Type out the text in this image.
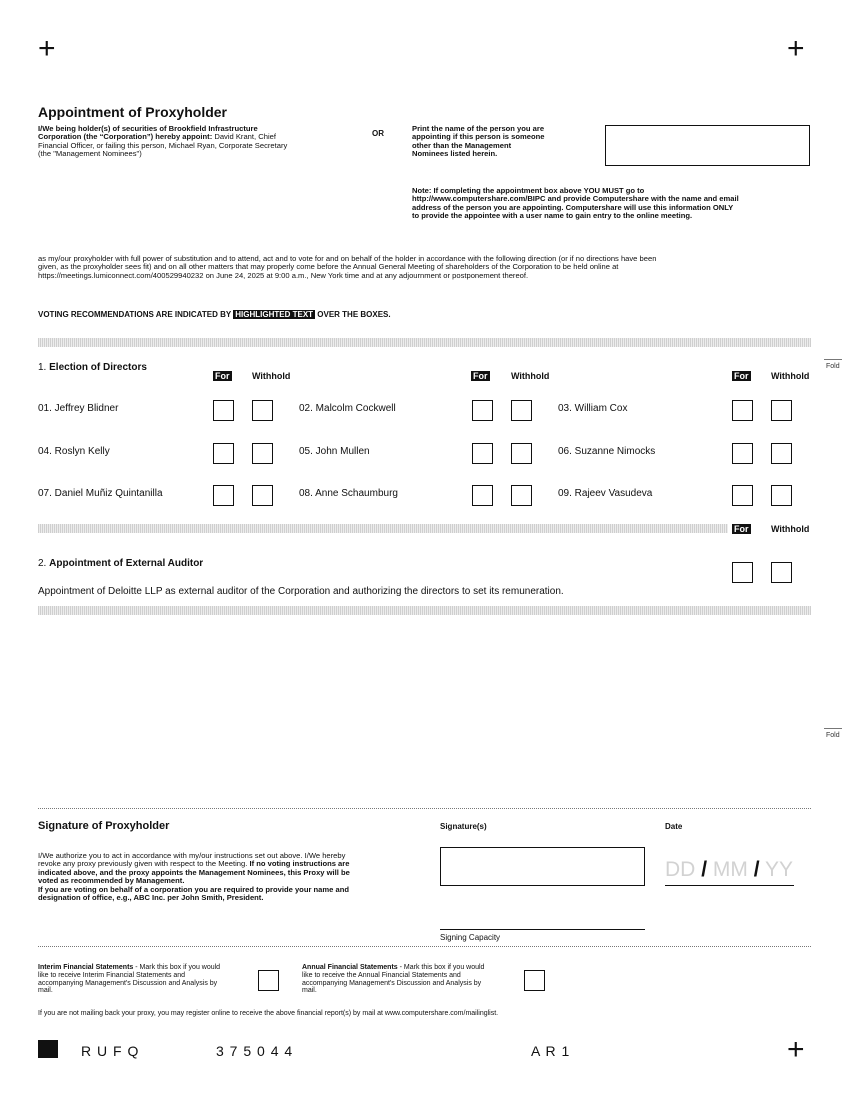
+	+
+
Appointment of Proxyholder
I/We being holder(s) of securities of Brookfield Infrastructure
Corporation (the “Corporation”) hereby appoint: David Krant, Chief
Financial Officer, or failing this person, Michael Ryan, Corporate Secretary
(the "Management Nominees")
OR
Print the name of the person you are
appointing if this person is someone
other than the Management
Nominees listed herein.
Note: If completing the appointment box above YOU MUST go to
http://www.computershare.com/BIPC and provide Computershare with the name and email
address of the person you are appointing. Computershare will use this information ONLY
to provide the appointee with a user name to gain entry to the online meeting.
as my/our proxyholder with full power of substitution and to attend, act and to vote for and on behalf of the holder in accordance with the following direction (or if no directions have been
given, as the proxyholder sees fit) and on all other matters that may properly come before the Annual General Meeting of shareholders of the Corporation to be held online at
https://meetings.lumiconnect.com/400529940232 on June 24, 2025 at 9:00 a.m., New York time and at any adjournment or postponement thereof.
VOTING RECOMMENDATIONS ARE INDICATED BY HIGHLIGHTED TEXT OVER THE BOXES.
Fold
Fold
1. Election of Directors
For	Withhold	For	Withhold	For	Withhold
01. Jeffrey Blidner	02. Malcolm Cockwell	03. William Cox
04. Roslyn Kelly	05. John Mullen	06. Suzanne Nimocks
07. Daniel Muñiz Quintanilla	08. Anne Schaumburg	09. Rajeev Vasudeva
For	Withhold
2. Appointment of External Auditor
Appointment of Deloitte LLP as external auditor of the Corporation and authorizing the directors to set its remuneration.
Signature of Proxyholder
I/We authorize you to act in accordance with my/our instructions set out above. I/We hereby
revoke any proxy previously given with respect to the Meeting. If no voting instructions are
indicated above, and the proxy appoints the Management Nominees, this Proxy will be
voted as recommended by Management.
If you are voting on behalf of a corporation you are required to provide your name and
designation of office, e.g., ABC Inc. per John Smith, President.
Signature(s)	Date
DD / MM / YY
Signing Capacity
Interim Financial Statements - Mark this box if you would
like to receive Interim Financial Statements and
accompanying Management's Discussion and Analysis by
mail.
Annual Financial Statements - Mark this box if you would
like to receive the Annual Financial Statements and
accompanying Management's Discussion and Analysis by
mail.
If you are not mailing back your proxy, you may register online to receive the above financial report(s) by mail at www.computershare.com/mailinglist.
R U F Q	3 7 5 0 4 4	A R 1
